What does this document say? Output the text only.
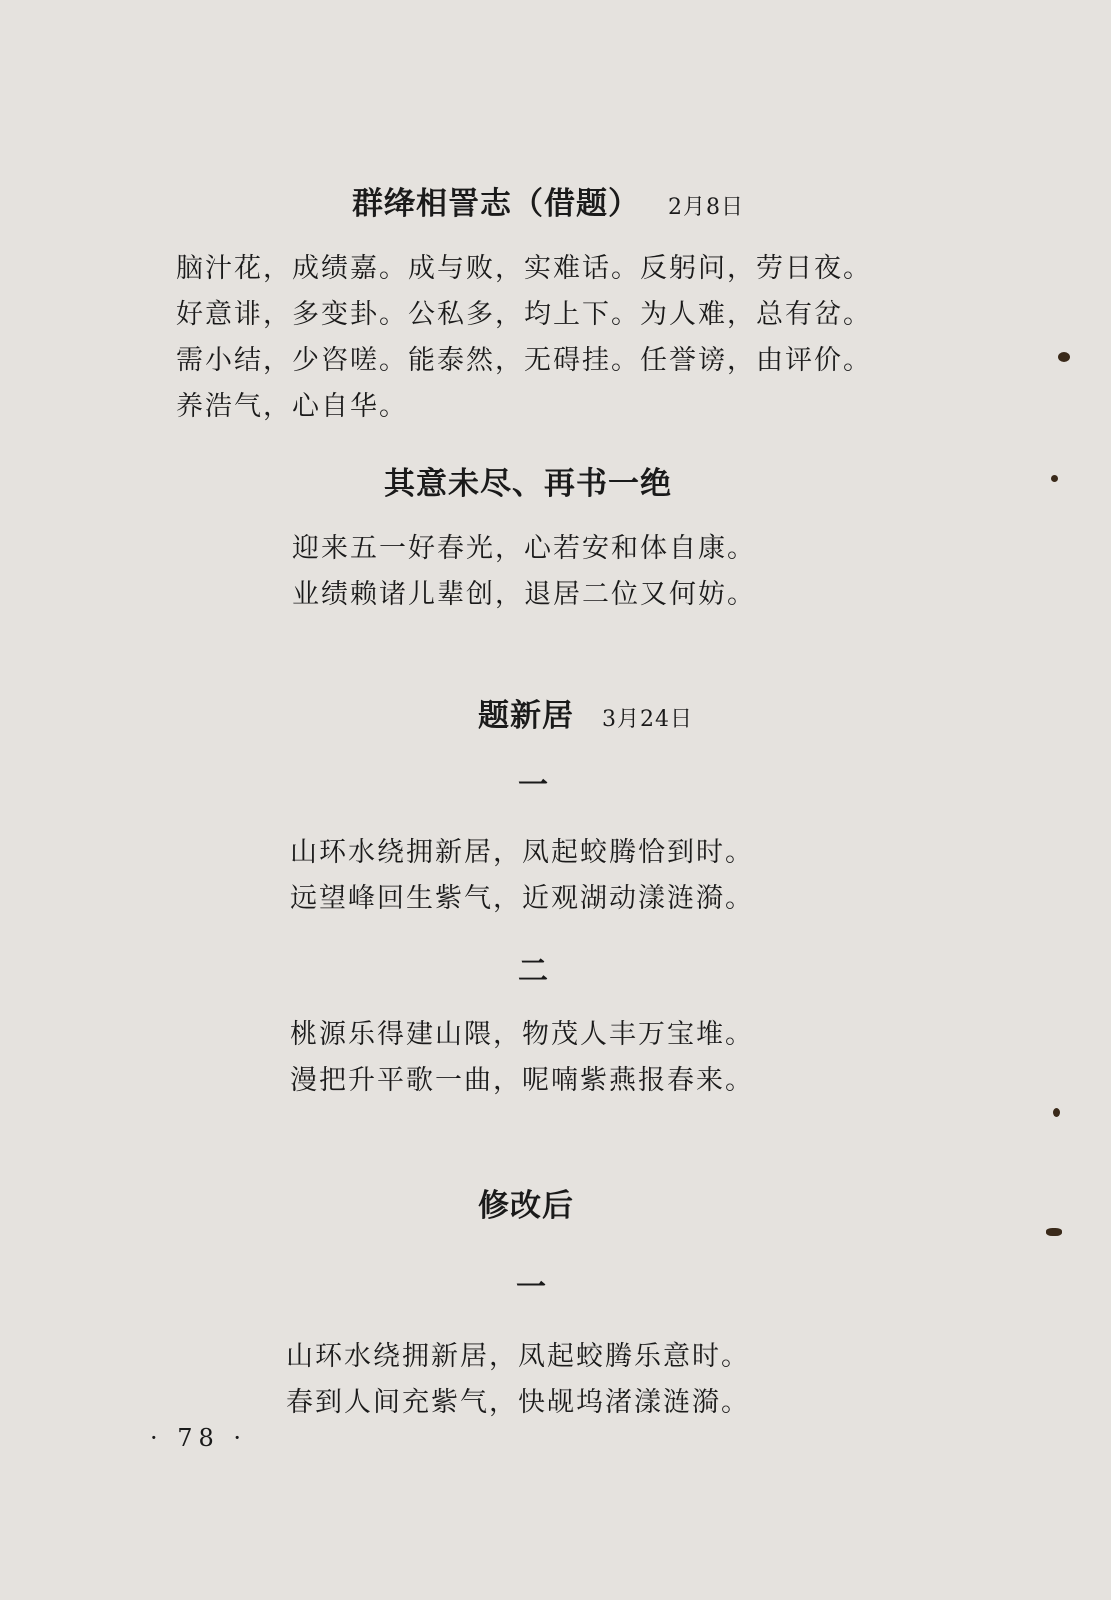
群绛相詈志（借题） 2月8日
脑汁花，成绩嘉。成与败，实难话。反躬问，劳日夜。
好意诽，多变卦。公私多，均上下。为人难，总有岔。
需小结，少咨嗟。能泰然，无碍挂。任誉谤，由评价。
养浩气，心自华。
其意未尽、再书一绝
迎来五一好春光，心若安和体自康。
业绩赖诸儿辈创，退居二位又何妨。
题新居 3月24日
一
山环水绕拥新居，凤起蛟腾恰到时。
远望峰回生紫气，近观湖动漾涟漪。
二
桃源乐得建山隈，物茂人丰万宝堆。
漫把升平歌一曲，呢喃紫燕报春来。
修改后
一
山环水绕拥新居，凤起蛟腾乐意时。
春到人间充紫气，快觇坞渚漾涟漪。
· 78 ·
